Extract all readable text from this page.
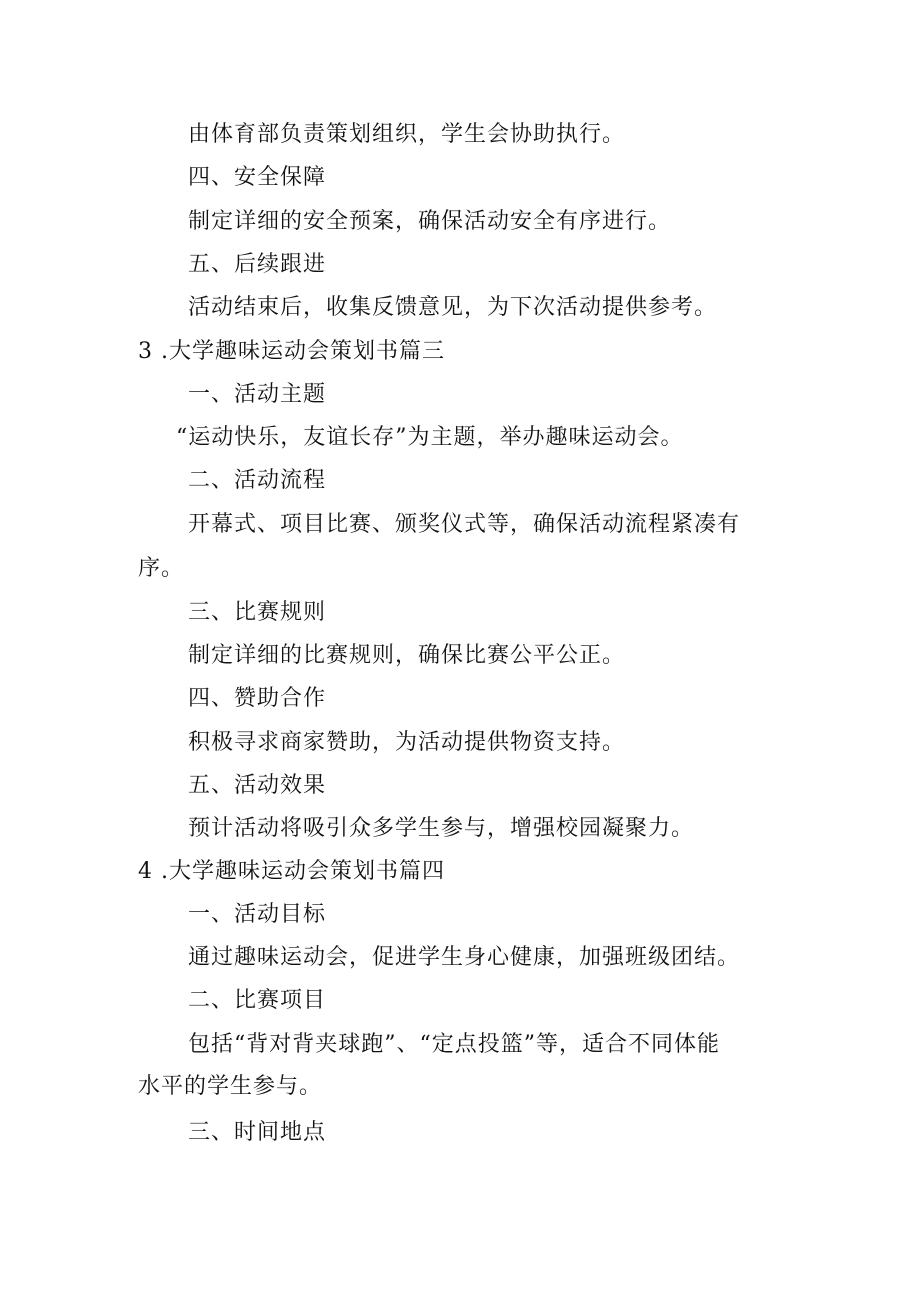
由体育部负责策划组织，学生会协助执行。
四、安全保障
制定详细的安全预案，确保活动安全有序进行。
五、后续跟进
活动结束后，收集反馈意见，为下次活动提供参考。
3 .大学趣味运动会策划书篇三
一、活动主题
“运动快乐，友谊长存”为主题，举办趣味运动会。
二、活动流程
开幕式、项目比赛、颁奖仪式等，确保活动流程紧凑有
序。
三、比赛规则
制定详细的比赛规则，确保比赛公平公正。
四、赞助合作
积极寻求商家赞助，为活动提供物资支持。
五、活动效果
预计活动将吸引众多学生参与，增强校园凝聚力。
4 .大学趣味运动会策划书篇四
一、活动目标
通过趣味运动会，促进学生身心健康，加强班级团结。
二、比赛项目
包括“背对背夹球跑”、“定点投篮”等，适合不同体能
水平的学生参与。
三、时间地点
